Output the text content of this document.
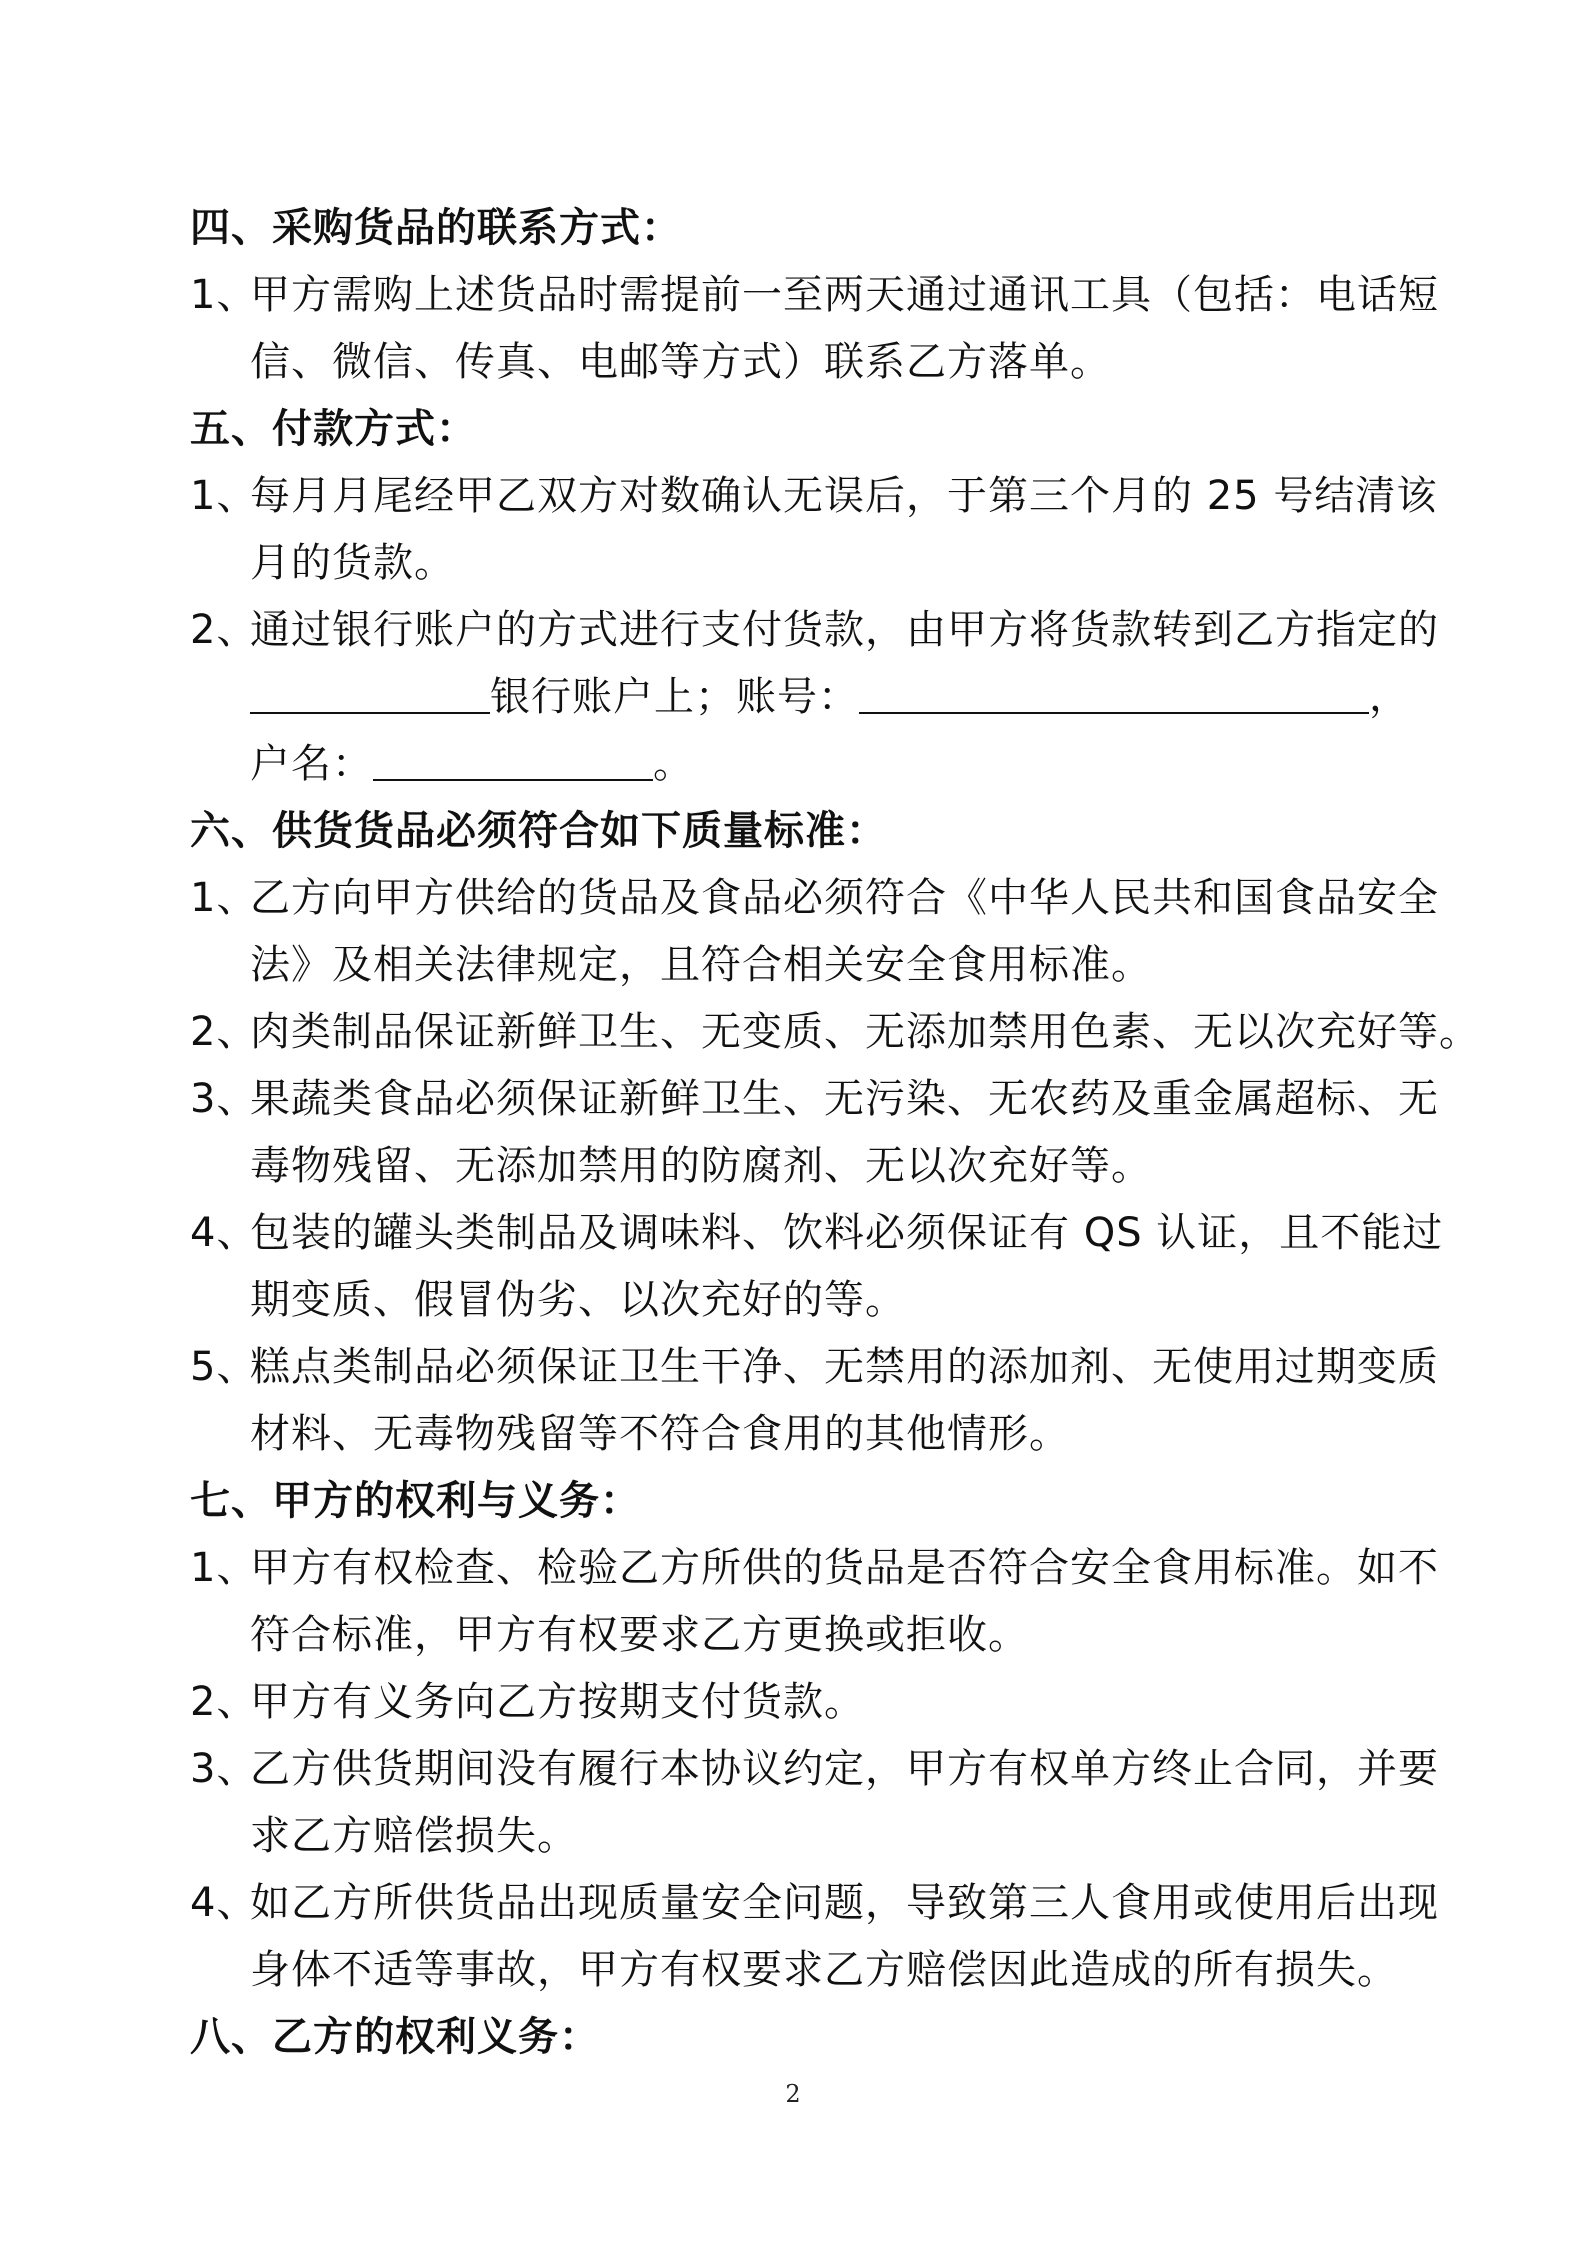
四、采购货品的联系方式：

1、甲方需购上述货品时需提前一至两天通过通讯工具（包括：电话短
信、微信、传真、电邮等方式）联系乙方落单。

五、付款方式：

1、每月月尾经甲乙双方对数确认无误后，于第三个月的 25 号结清该
月的货款。
2、通过银行账户的方式进行支付货款，由甲方将货款转到乙方指定的
银行账户上；账号：	，
户名：	。

六、供货货品必须符合如下质量标准：

1、乙方向甲方供给的货品及食品必须符合《中华人民共和国食品安全
法》及相关法律规定，且符合相关安全食用标准。
2、肉类制品保证新鲜卫生、无变质、无添加禁用色素、无以次充好等。
3、果蔬类食品必须保证新鲜卫生、无污染、无农药及重金属超标、无
毒物残留、无添加禁用的防腐剂、无以次充好等。
4、包装的罐头类制品及调味料、饮料必须保证有 QS 认证，且不能过
期变质、假冒伪劣、以次充好的等。
5、糕点类制品必须保证卫生干净、无禁用的添加剂、无使用过期变质
材料、无毒物残留等不符合食用的其他情形。

七、甲方的权利与义务：

1、甲方有权检查、检验乙方所供的货品是否符合安全食用标准。如不
符合标准，甲方有权要求乙方更换或拒收。
2、甲方有义务向乙方按期支付货款。
3、乙方供货期间没有履行本协议约定，甲方有权单方终止合同，并要
求乙方赔偿损失。
4、如乙方所供货品出现质量安全问题，导致第三人食用或使用后出现
身体不适等事故，甲方有权要求乙方赔偿因此造成的所有损失。

八、乙方的权利义务：

2
